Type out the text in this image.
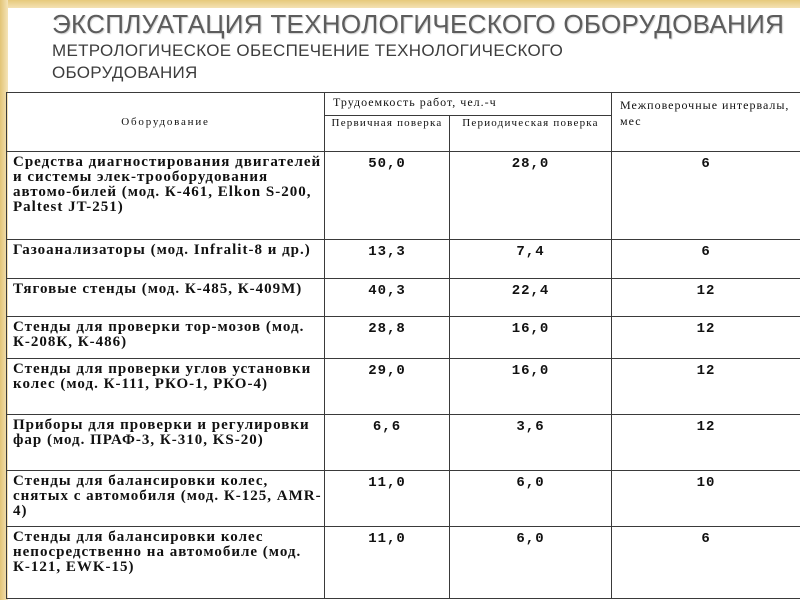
ЭКСПЛУАТАЦИЯ ТЕХНОЛОГИЧЕСКОГО ОБОРУДОВАНИЯ
МЕТРОЛОГИЧЕСКОЕ ОБЕСПЕЧЕНИЕ ТЕХНОЛОГИЧЕСКОГО ОБОРУДОВАНИЯ
Оборудование	Трудоемкость работ, чел.-ч		Межповерочные интервалы, мес
	Первичная поверка	Периодическая поверка	
Средства диагностирования двигателей и системы элек-трооборудования автомо-билей (мод. К-461, Elkon S-200, Paltest JT-251)	50,0	28,0	6
Газоанализаторы (мод. Infralit-8 и др.)	13,3	7,4	6
Тяговые стенды (мод. К-485, К-409М)	40,3	22,4	12
Стенды для проверки тор-мозов (мод. К-208К, К-486)	28,8	16,0	12
Стенды для проверки углов установки колес (мод. К-111, РКО-1, РКО-4)	29,0	16,0	12
Приборы для проверки и регулировки фар (мод. ПРАФ-3, К-310, KS-20)	6,6	3,6	12
Стенды для балансировки колес, снятых с автомобиля (мод. К-125, AMR-4)	11,0	6,0	10
Стенды для балансировки колес непосредственно на автомобиле (мод. К-121, EWK-15)	11,0	6,0	6
